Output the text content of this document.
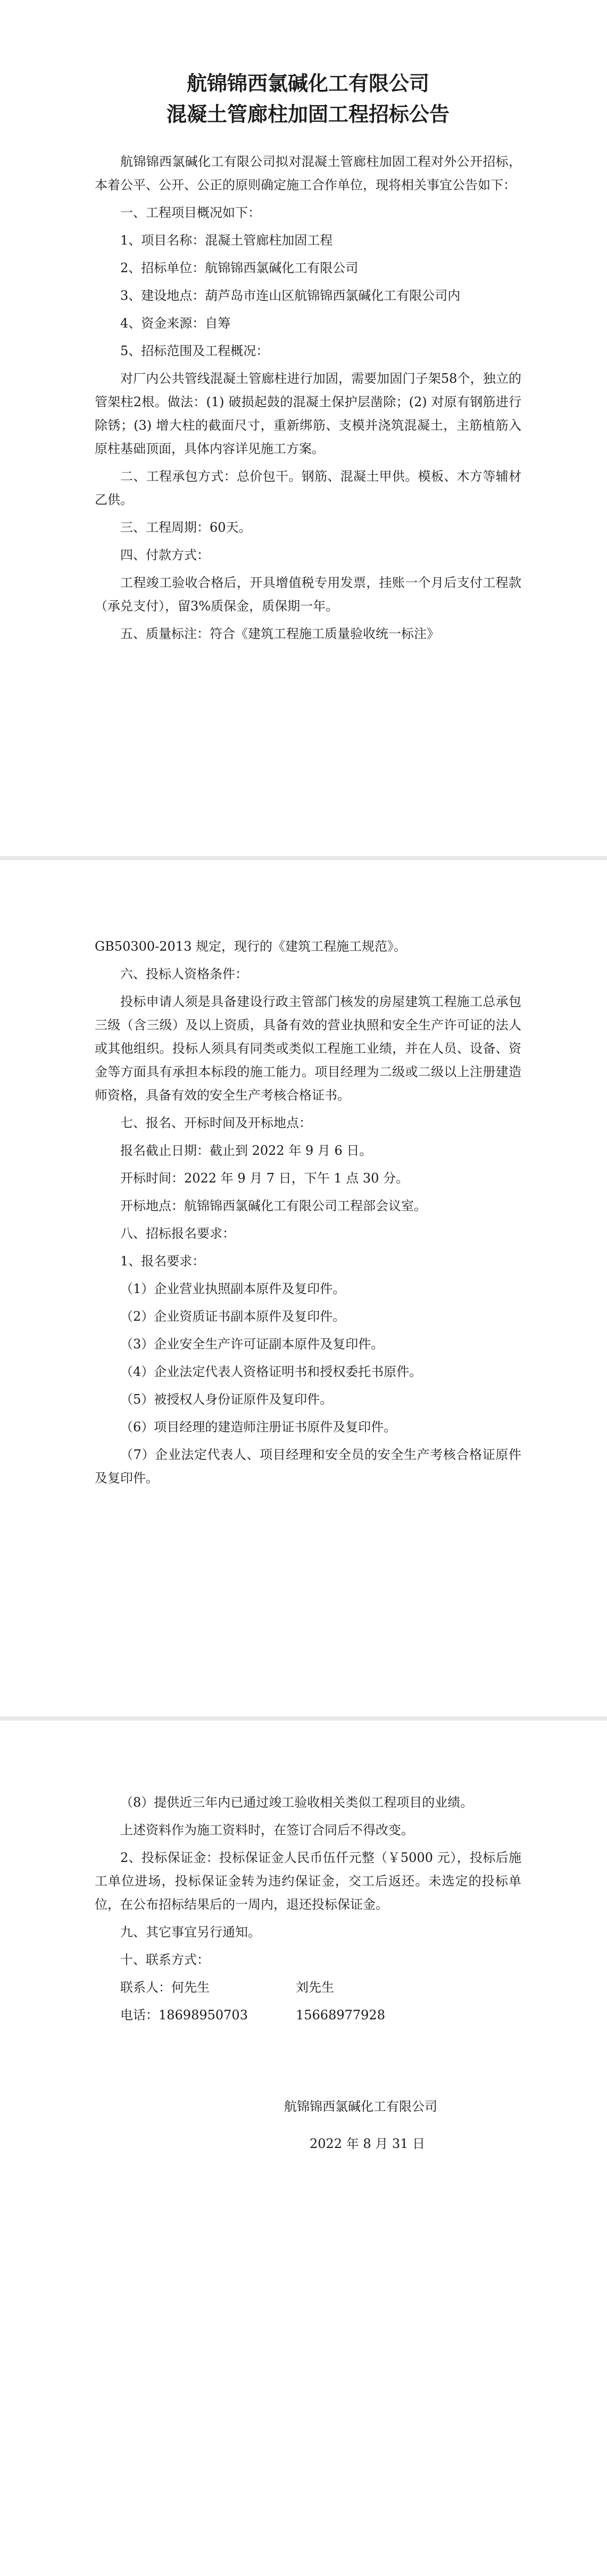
航锦锦西氯碱化工有限公司
混凝土管廊柱加固工程招标公告

航锦锦西氯碱化工有限公司拟对混凝土管廊柱加固工程对外公开招标，本着公平、公开、公正的原则确定施工合作单位，现将相关事宜公告如下：

一、工程项目概况如下：

1、项目名称：混凝土管廊柱加固工程

2、招标单位：航锦锦西氯碱化工有限公司

3、建设地点：葫芦岛市连山区航锦锦西氯碱化工有限公司内

4、资金来源：自筹

5、招标范围及工程概况：

对厂内公共管线混凝土管廊柱进行加固，需要加固门子架58个，独立的管架柱2根。做法：(1) 破损起鼓的混凝土保护层凿除；(2) 对原有钢筋进行除锈；(3) 增大柱的截面尺寸，重新绑筋、支模并浇筑混凝土，主筋植筋入原柱基础顶面，具体内容详见施工方案。

二、工程承包方式：总价包干。钢筋、混凝土甲供。模板、木方等辅材乙供。

三、工程周期：60天。

四、付款方式：

工程竣工验收合格后，开具增值税专用发票，挂账一个月后支付工程款（承兑支付），留3%质保金，质保期一年。

五、质量标注：符合《建筑工程施工质量验收统一标注》

GB50300-2013 规定，现行的《建筑工程施工规范》。

六、投标人资格条件：

投标申请人须是具备建设行政主管部门核发的房屋建筑工程施工总承包三级（含三级）及以上资质，具备有效的营业执照和安全生产许可证的法人或其他组织。投标人须具有同类或类似工程施工业绩，并在人员、设备、资金等方面具有承担本标段的施工能力。项目经理为二级或二级以上注册建造师资格，具备有效的安全生产考核合格证书。

七、报名、开标时间及开标地点：

报名截止日期：截止到 2022 年 9 月 6 日。

开标时间：2022 年 9 月 7 日，下午 1 点 30 分。

开标地点：航锦锦西氯碱化工有限公司工程部会议室。

八、招标报名要求：

1、报名要求：

（1）企业营业执照副本原件及复印件。

（2）企业资质证书副本原件及复印件。

（3）企业安全生产许可证副本原件及复印件。

（4）企业法定代表人资格证明书和授权委托书原件。

（5）被授权人身份证原件及复印件。

（6）项目经理的建造师注册证书原件及复印件。

（7）企业法定代表人、项目经理和安全员的安全生产考核合格证原件及复印件。

（8）提供近三年内已通过竣工验收相关类似工程项目的业绩。

上述资料作为施工资料时，在签订合同后不得改变。

2、投标保证金：投标保证金人民币伍仟元整（￥5000 元），投标后施工单位进场，投标保证金转为违约保证金，交工后返还。未选定的投标单位，在公布招标结果后的一周内，退还投标保证金。

九、其它事宜另行通知。

十、联系方式：

联系人：何先生	刘先生

电话：18698950703	15668977928

航锦锦西氯碱化工有限公司
2022 年 8 月 31 日
